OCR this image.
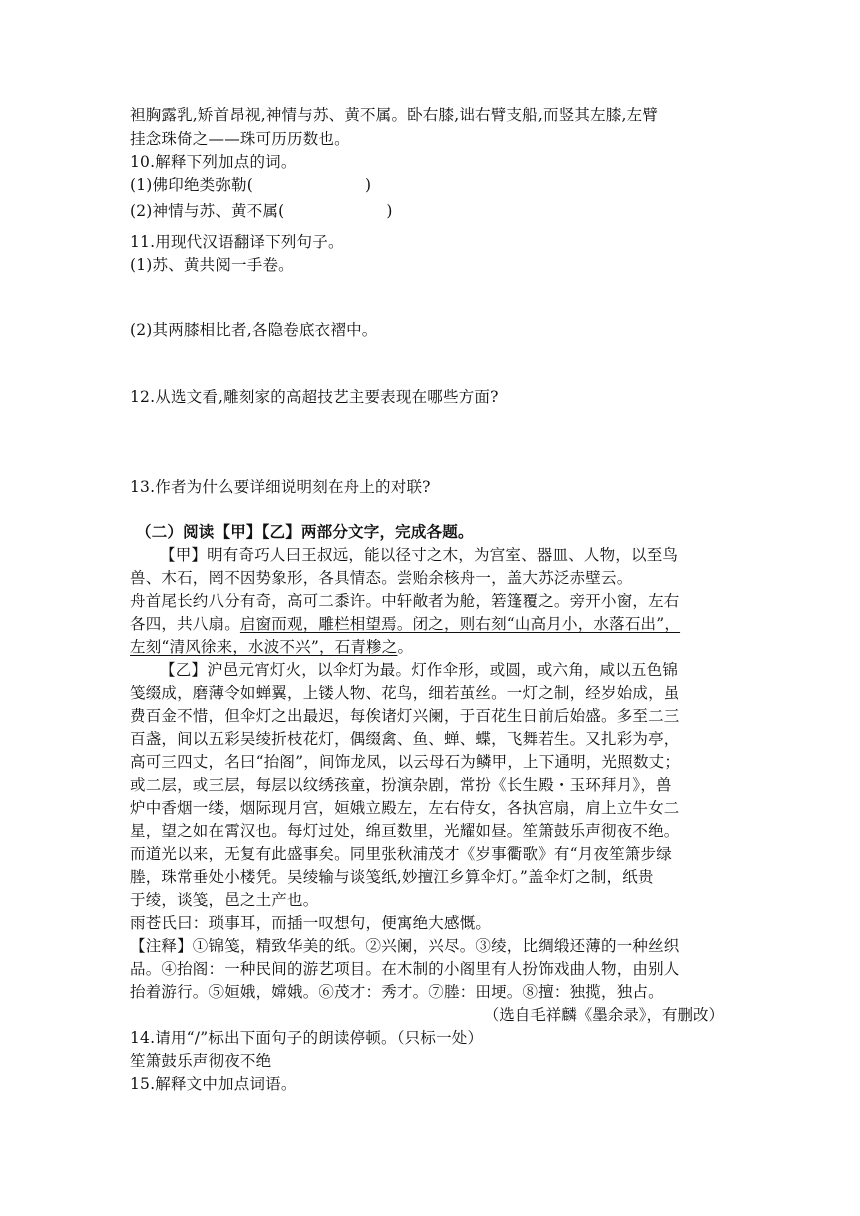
袒胸露乳,矫首昂视,神情与苏、黄不属。卧右膝,诎右臂支船,而竖其左膝,左臂
挂念珠倚之——珠可历历数也。
10.解释下列加点的词。
(1)佛印绝类弥勒(	)
(2)神情与苏、黄不属(	)
11.用现代汉语翻译下列句子。
(1)苏、黄共阅一手卷。
(2)其两膝相比者,各隐卷底衣褶中。
12.从选文看,雕刻家的高超技艺主要表现在哪些方面?
13.作者为什么要详细说明刻在舟上的对联?
（二）阅读【甲】【乙】两部分文字，完成各题。
【甲】明有奇巧人曰王叔远，能以径寸之木，为宫室、器皿、人物，以至鸟
兽、木石，罔不因势象形，各具情态。尝贻余核舟一，盖大苏泛赤壁云。
舟首尾长约八分有奇，高可二黍许。中轩敞者为舱，箬篷覆之。旁开小窗，左右
各四，共八扇。启窗而观，雕栏相望焉。闭之，则右刻“山高月小，水落石出”，
左刻“清风徐来，水波不兴”，石青糁之。
【乙】沪邑元宵灯火，以伞灯为最。灯作伞形，或圆，或六角，咸以五色锦
笺缀成，磨薄令如蝉翼，上镂人物、花鸟，细若茧丝。一灯之制，经岁始成，虽
费百金不惜，但伞灯之出最迟，每俟诸灯兴阑，于百花生日前后始盛。多至二三
百盏，间以五彩吴绫折枝花灯，偶缀禽、鱼、蝉、蝶，飞舞若生。又扎彩为亭，
高可三四丈，名曰“抬阁”，间饰龙凤，以云母石为鳞甲，上下通明，光照数丈；
或二层，或三层，每层以纹绣孩童，扮演杂剧，常扮《长生殿・玉环拜月》，兽
炉中香烟一缕，烟际现月宫，姮娥立殿左，左右侍女，各执宫扇，肩上立牛女二
星，望之如在霄汉也。每灯过处，绵亘数里，光耀如昼。笙箫鼓乐声彻夜不绝。
而道光以来，无复有此盛事矣。同里张秋浦茂才《岁事衢歌》有“月夜笙箫步绿
塍，珠常垂处小楼凭。吴绫输与谈笺纸,妙擅江乡算伞灯。”盖伞灯之制，纸贵
于绫，谈笺，邑之土产也。
雨苍氏曰：琐事耳，而插一叹想句，便寓绝大感慨。
【注释】①锦笺，精致华美的纸。②兴阑，兴尽。③绫，比绸缎还薄的一种丝织
品。④抬阁：一种民间的游艺项目。在木制的小阁里有人扮饰戏曲人物，由别人
抬着游行。⑤姮娥，嫦娥。⑥茂才：秀才。⑦塍：田埂。⑧擅：独揽，独占。
（选自毛祥麟《墨余录》，有删改）
14.请用“/”标出下面句子的朗读停顿。（只标一处）
笙箫鼓乐声彻夜不绝
15.解释文中加点词语。
